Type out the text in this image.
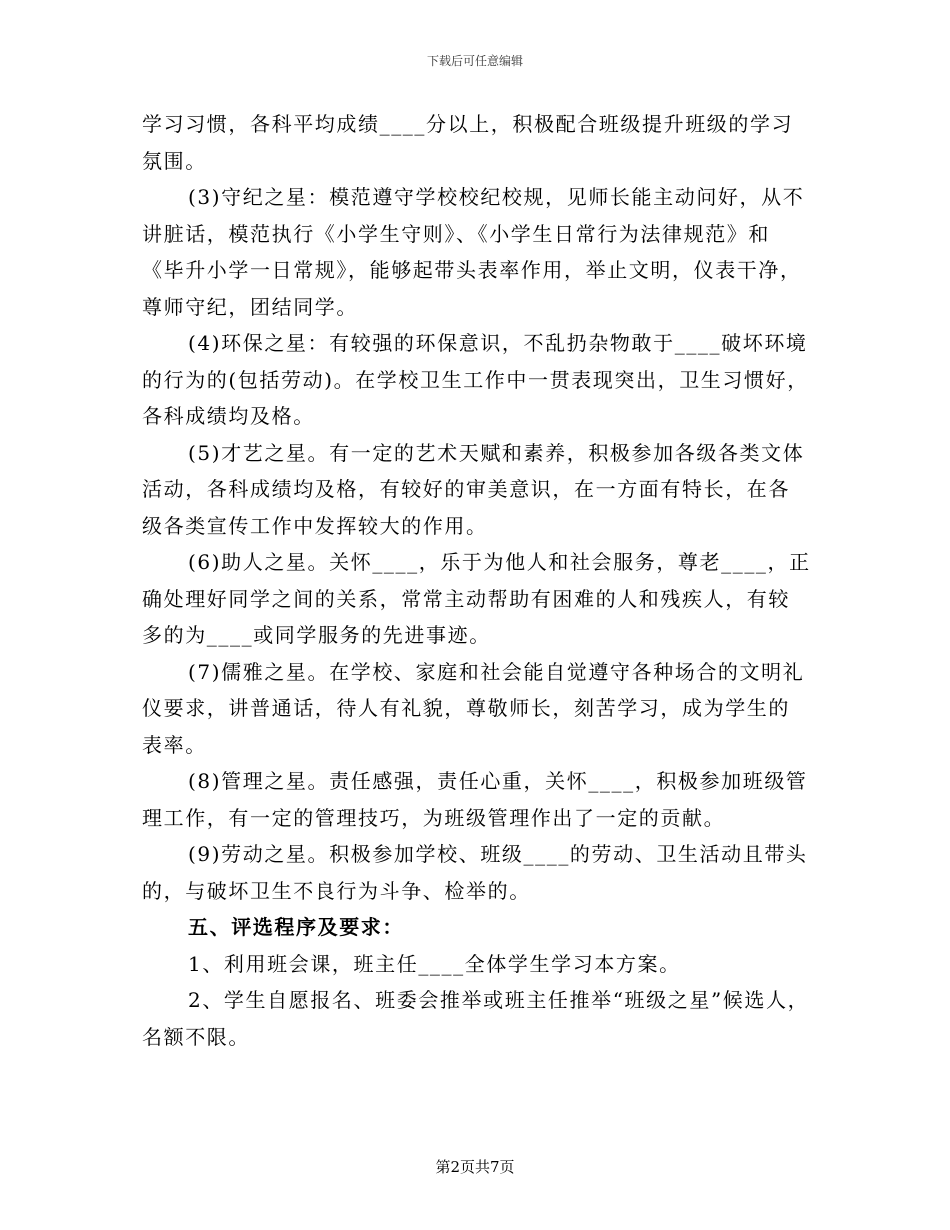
下载后可任意编辑
学习习惯，各科平均成绩____分以上，积极配合班级提升班级的学习
氛围。
(3)守纪之星：模范遵守学校校纪校规，见师长能主动问好，从不
讲脏话，模范执行《小学生守则》、《小学生日常行为法律规范》和
《毕升小学一日常规》，能够起带头表率作用，举止文明，仪表干净，
尊师守纪，团结同学。
(4)环保之星：有较强的环保意识，不乱扔杂物敢于____破坏环境
的行为的(包括劳动)。在学校卫生工作中一贯表现突出，卫生习惯好，
各科成绩均及格。
(5)才艺之星。有一定的艺术天赋和素养，积极参加各级各类文体
活动，各科成绩均及格，有较好的审美意识，在一方面有特长，在各
级各类宣传工作中发挥较大的作用。
(6)助人之星。关怀____，乐于为他人和社会服务，尊老____，正
确处理好同学之间的关系，常常主动帮助有困难的人和残疾人，有较
多的为____或同学服务的先进事迹。
(7)儒雅之星。在学校、家庭和社会能自觉遵守各种场合的文明礼
仪要求，讲普通话，待人有礼貌，尊敬师长，刻苦学习，成为学生的
表率。
(8)管理之星。责任感强，责任心重，关怀____，积极参加班级管
理工作，有一定的管理技巧，为班级管理作出了一定的贡献。
(9)劳动之星。积极参加学校、班级____的劳动、卫生活动且带头
的，与破坏卫生不良行为斗争、检举的。
五、评选程序及要求：
1、利用班会课，班主任____全体学生学习本方案。
2、学生自愿报名、班委会推举或班主任推举“班级之星”候选人，
名额不限。
第2页共7页
